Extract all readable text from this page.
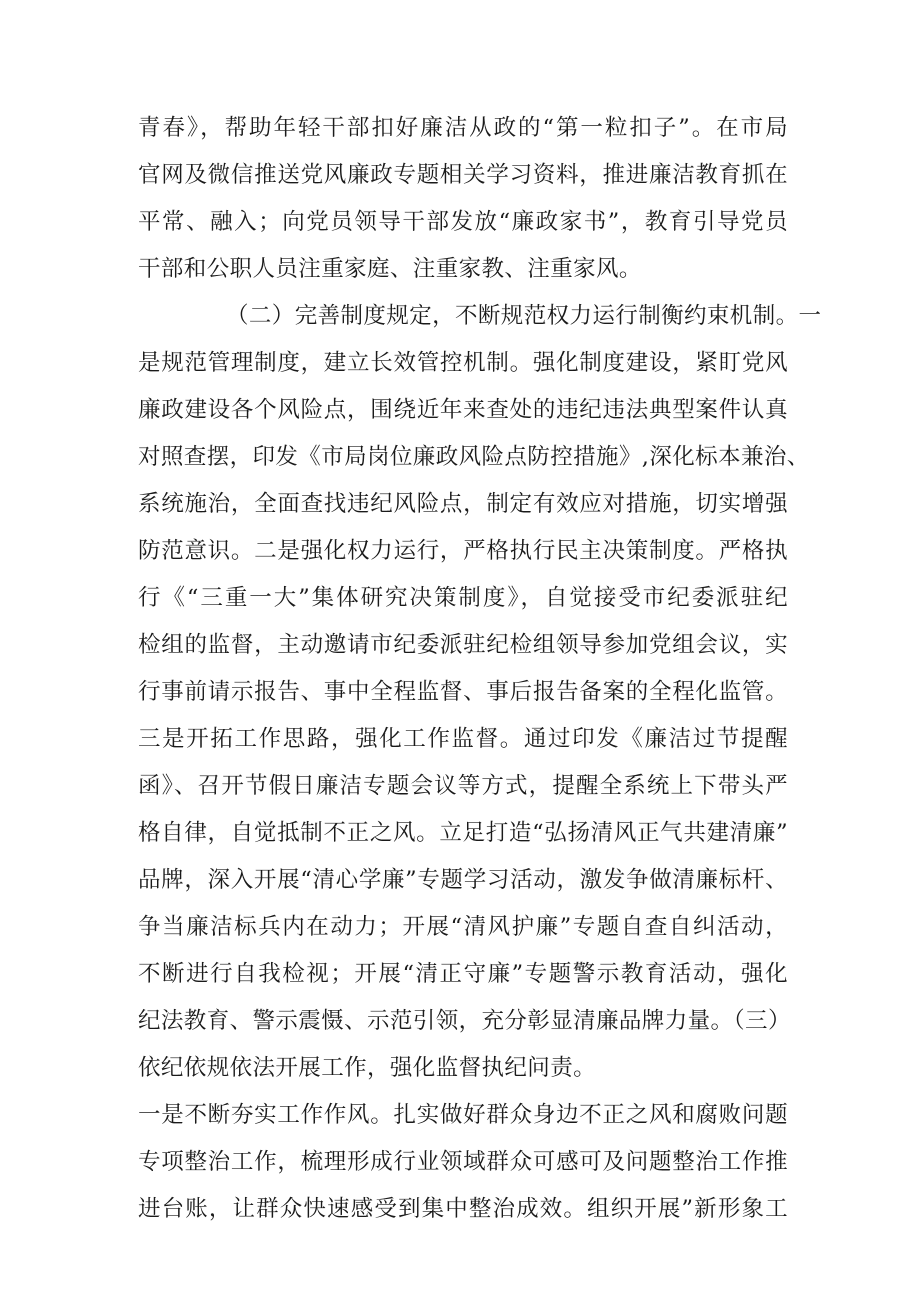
青春》，帮助年轻干部扣好廉洁从政的“第一粒扣子”。在市局
官网及微信推送党风廉政专题相关学习资料，推进廉洁教育抓在
平常、融入；向党员领导干部发放“廉政家书”，教育引导党员
干部和公职人员注重家庭、注重家教、注重家风。
（二）完善制度规定，不断规范权力运行制衡约束机制。一
是规范管理制度，建立长效管控机制。强化制度建设，紧盯党风
廉政建设各个风险点，围绕近年来查处的违纪违法典型案件认真
对照查摆，印发《市局岗位廉政风险点防控措施》,深化标本兼治、
系统施治，全面查找违纪风险点，制定有效应对措施，切实增强
防范意识。二是强化权力运行，严格执行民主决策制度。严格执
行《“三重一大”集体研究决策制度》，自觉接受市纪委派驻纪
检组的监督，主动邀请市纪委派驻纪检组领导参加党组会议，实
行事前请示报告、事中全程监督、事后报告备案的全程化监管。
三是开拓工作思路，强化工作监督。通过印发《廉洁过节提醒
函》、召开节假日廉洁专题会议等方式，提醒全系统上下带头严
格自律，自觉抵制不正之风。立足打造“弘扬清风正气共建清廉”
品牌，深入开展“清心学廉”专题学习活动，激发争做清廉标杆、
争当廉洁标兵内在动力；开展“清风护廉”专题自查自纠活动，
不断进行自我检视；开展“清正守廉”专题警示教育活动，强化
纪法教育、警示震慑、示范引领，充分彰显清廉品牌力量。（三）
依纪依规依法开展工作，强化监督执纪问责。
一是不断夯实工作作风。扎实做好群众身边不正之风和腐败问题
专项整治工作，梳理形成行业领域群众可感可及问题整治工作推
进台账，让群众快速感受到集中整治成效。组织开展”新形象工
